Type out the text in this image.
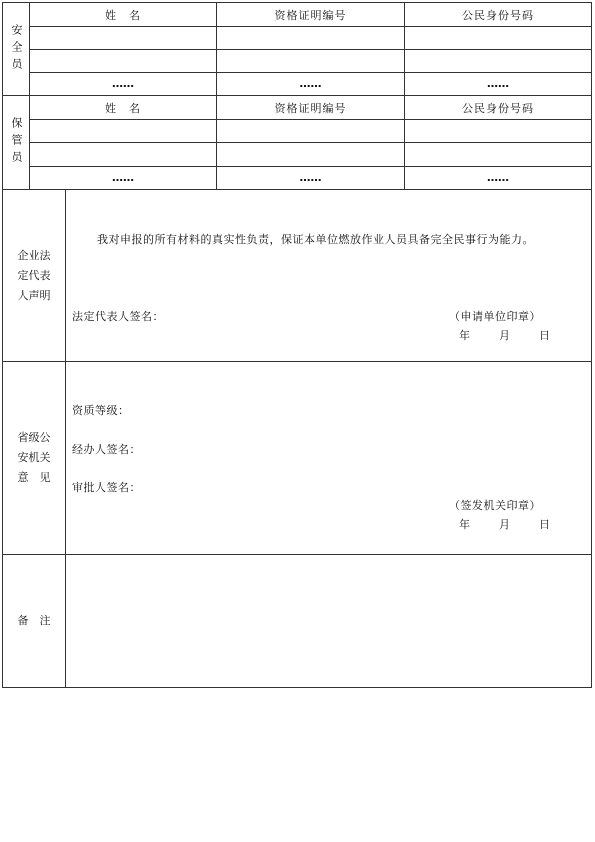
安全员
姓　名	资格证明编号	公民身份号码
……	……	……
保管员
姓　名	资格证明编号	公民身份号码
……	……	……
企业法
定代表
人声明
我对申报的所有材料的真实性负责，保证本单位燃放作业人员具备完全民事行为能力。
法定代表人签名：	（申请单位印章）
年	月	日
省级公
安机关
意　见
资质等级：
经办人签名：
审批人签名：
（签发机关印章）
年	月	日
备　注
